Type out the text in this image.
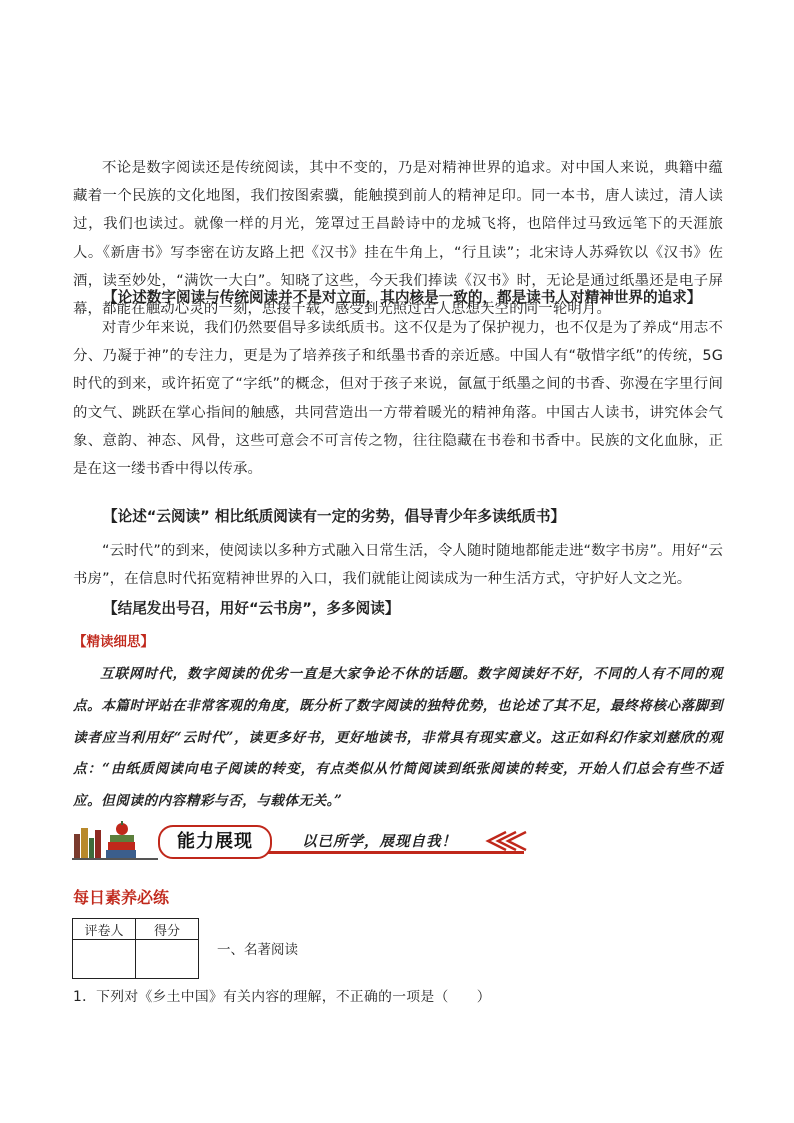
不论是数字阅读还是传统阅读，其中不变的，乃是对精神世界的追求。对中国人来说，典籍中蕴藏着一个民族的文化地图，我们按图索骥，能触摸到前人的精神足印。同一本书，唐人读过，清人读过，我们也读过。就像一样的月光，笼罩过王昌龄诗中的龙城飞将，也陪伴过马致远笔下的天涯旅人。《新唐书》写李密在访友路上把《汉书》挂在牛角上，“行且读”；北宋诗人苏舜钦以《汉书》佐酒，读至妙处，“满饮一大白”。知晓了这些，今天我们捧读《汉书》时，无论是通过纸墨还是电子屏幕，都能在触动心灵的一刻，思接千载，感受到光照过古人思想天空的同一轮明月。

【论述数字阅读与传统阅读并不是对立面，其内核是一致的，都是读书人对精神世界的追求】

对青少年来说，我们仍然要倡导多读纸质书。这不仅是为了保护视力，也不仅是为了养成“用志不分、乃凝于神”的专注力，更是为了培养孩子和纸墨书香的亲近感。中国人有“敬惜字纸”的传统，5G时代的到来，或许拓宽了“字纸”的概念，但对于孩子来说，氤氲于纸墨之间的书香、弥漫在字里行间的文气、跳跃在掌心指间的触感，共同营造出一方带着暖光的精神角落。中国古人读书，讲究体会气象、意韵、神态、风骨，这些可意会不可言传之物，往往隐藏在书卷和书香中。民族的文化血脉，正是在这一缕书香中得以传承。

【论述“云阅读” 相比纸质阅读有一定的劣势，倡导青少年多读纸质书】

“云时代”的到来，使阅读以多种方式融入日常生活，令人随时随地都能走进“数字书房”。用好“云书房”，在信息时代拓宽精神世界的入口，我们就能让阅读成为一种生活方式，守护好人文之光。

【结尾发出号召，用好“云书房”，多多阅读】

【精读细思】

互联网时代，数字阅读的优劣一直是大家争论不休的话题。数字阅读好不好，不同的人有不同的观点。本篇时评站在非常客观的角度，既分析了数字阅读的独特优势，也论述了其不足，最终将核心落脚到读者应当利用好“云时代”，读更多好书，更好地读书，非常具有现实意义。这正如科幻作家刘慈欣的观点：“由纸质阅读向电子阅读的转变，有点类似从竹简阅读到纸张阅读的转变，开始人们总会有些不适应。但阅读的内容精彩与否，与载体无关。”

能力展现	以已所学，展现自我！

每日素养必练

评卷人	得分

一、名著阅读

1．下列对《乡土中国》有关内容的理解，不正确的一项是（　　）
